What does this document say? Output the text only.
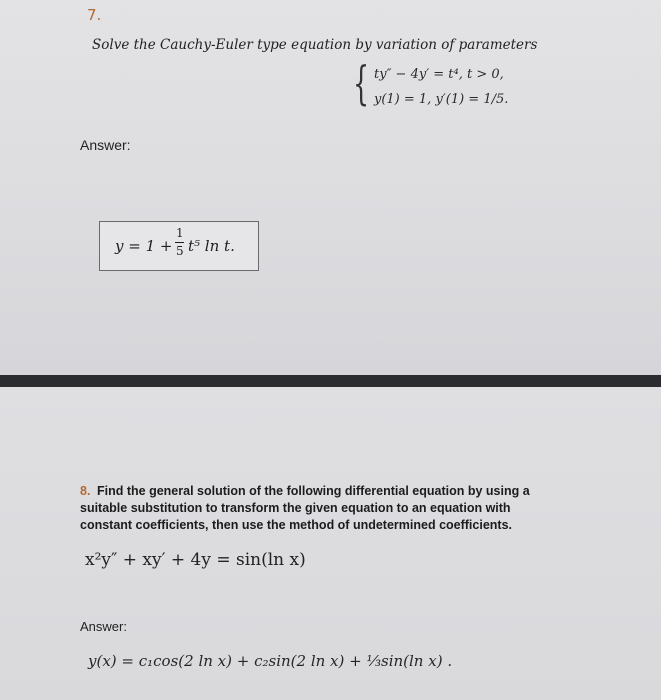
7.
Solve the Cauchy-Euler type equation by variation of parameters
{ ty″ − 4y′ = t⁴, t > 0,
y(1) = 1, y′(1) = 1/5.
Answer:
y = 1 +
1
5 t⁵ ln t.
8. Find the general solution of the following differential equation by using a
suitable substitution to transform the given equation to an equation with
constant coefficients, then use the method of undetermined coefficients.
x²y″ + xy′ + 4y = sin(ln x)
Answer:
y(x) = c₁cos(2 ln x) + c₂sin(2 ln x) + ⅓sin(ln x) .
